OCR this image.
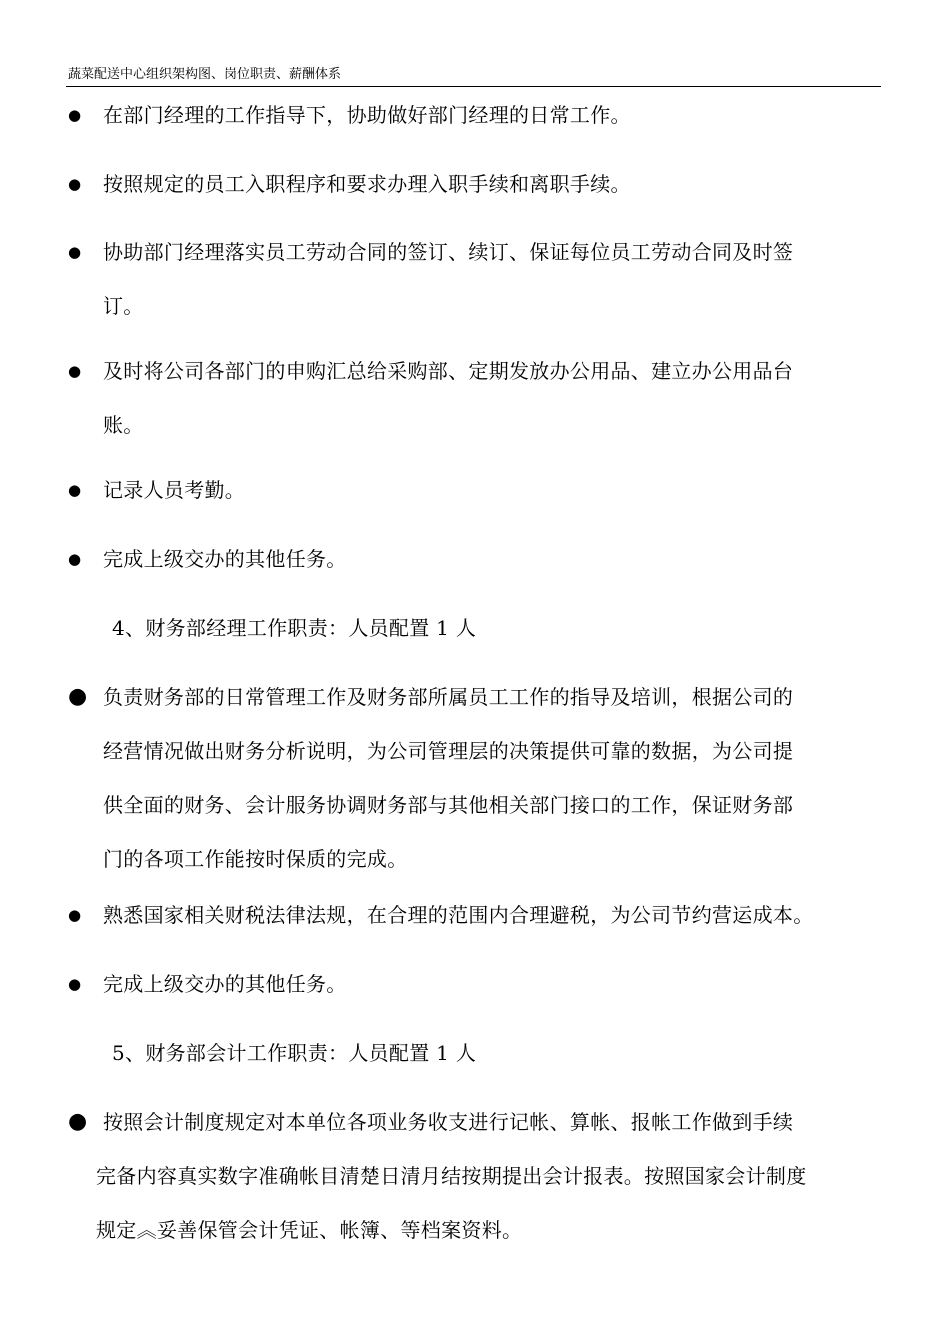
蔬菜配送中心组织架构图、岗位职责、薪酬体系
●	在部门经理的工作指导下，协助做好部门经理的日常工作。
●	按照规定的员工入职程序和要求办理入职手续和离职手续。
●	协助部门经理落实员工劳动合同的签订、续订、保证每位员工劳动合同及时签
订。
●	及时将公司各部门的申购汇总给采购部、定期发放办公用品、建立办公用品台
账。
●	记录人员考勤。
●	完成上级交办的其他任务。
4、财务部经理工作职责：人员配置 1 人
● 负责财务部的日常管理工作及财务部所属员工工作的指导及培训，根据公司的
经营情况做出财务分析说明，为公司管理层的决策提供可靠的数据，为公司提
供全面的财务、会计服务协调财务部与其他相关部门接口的工作，保证财务部
门的各项工作能按时保质的完成。
●	熟悉国家相关财税法律法规，在合理的范围内合理避税，为公司节约营运成本。
●	完成上级交办的其他任务。
5、财务部会计工作职责：人员配置 1 人
● 按照会计制度规定对本单位各项业务收支进行记帐、算帐、报帐工作做到手续
完备内容真实数字准确帐目清楚日清月结按期提出会计报表。按照国家会计制度
规定︽妥善保管会计凭证、帐簿、等档案资料。
